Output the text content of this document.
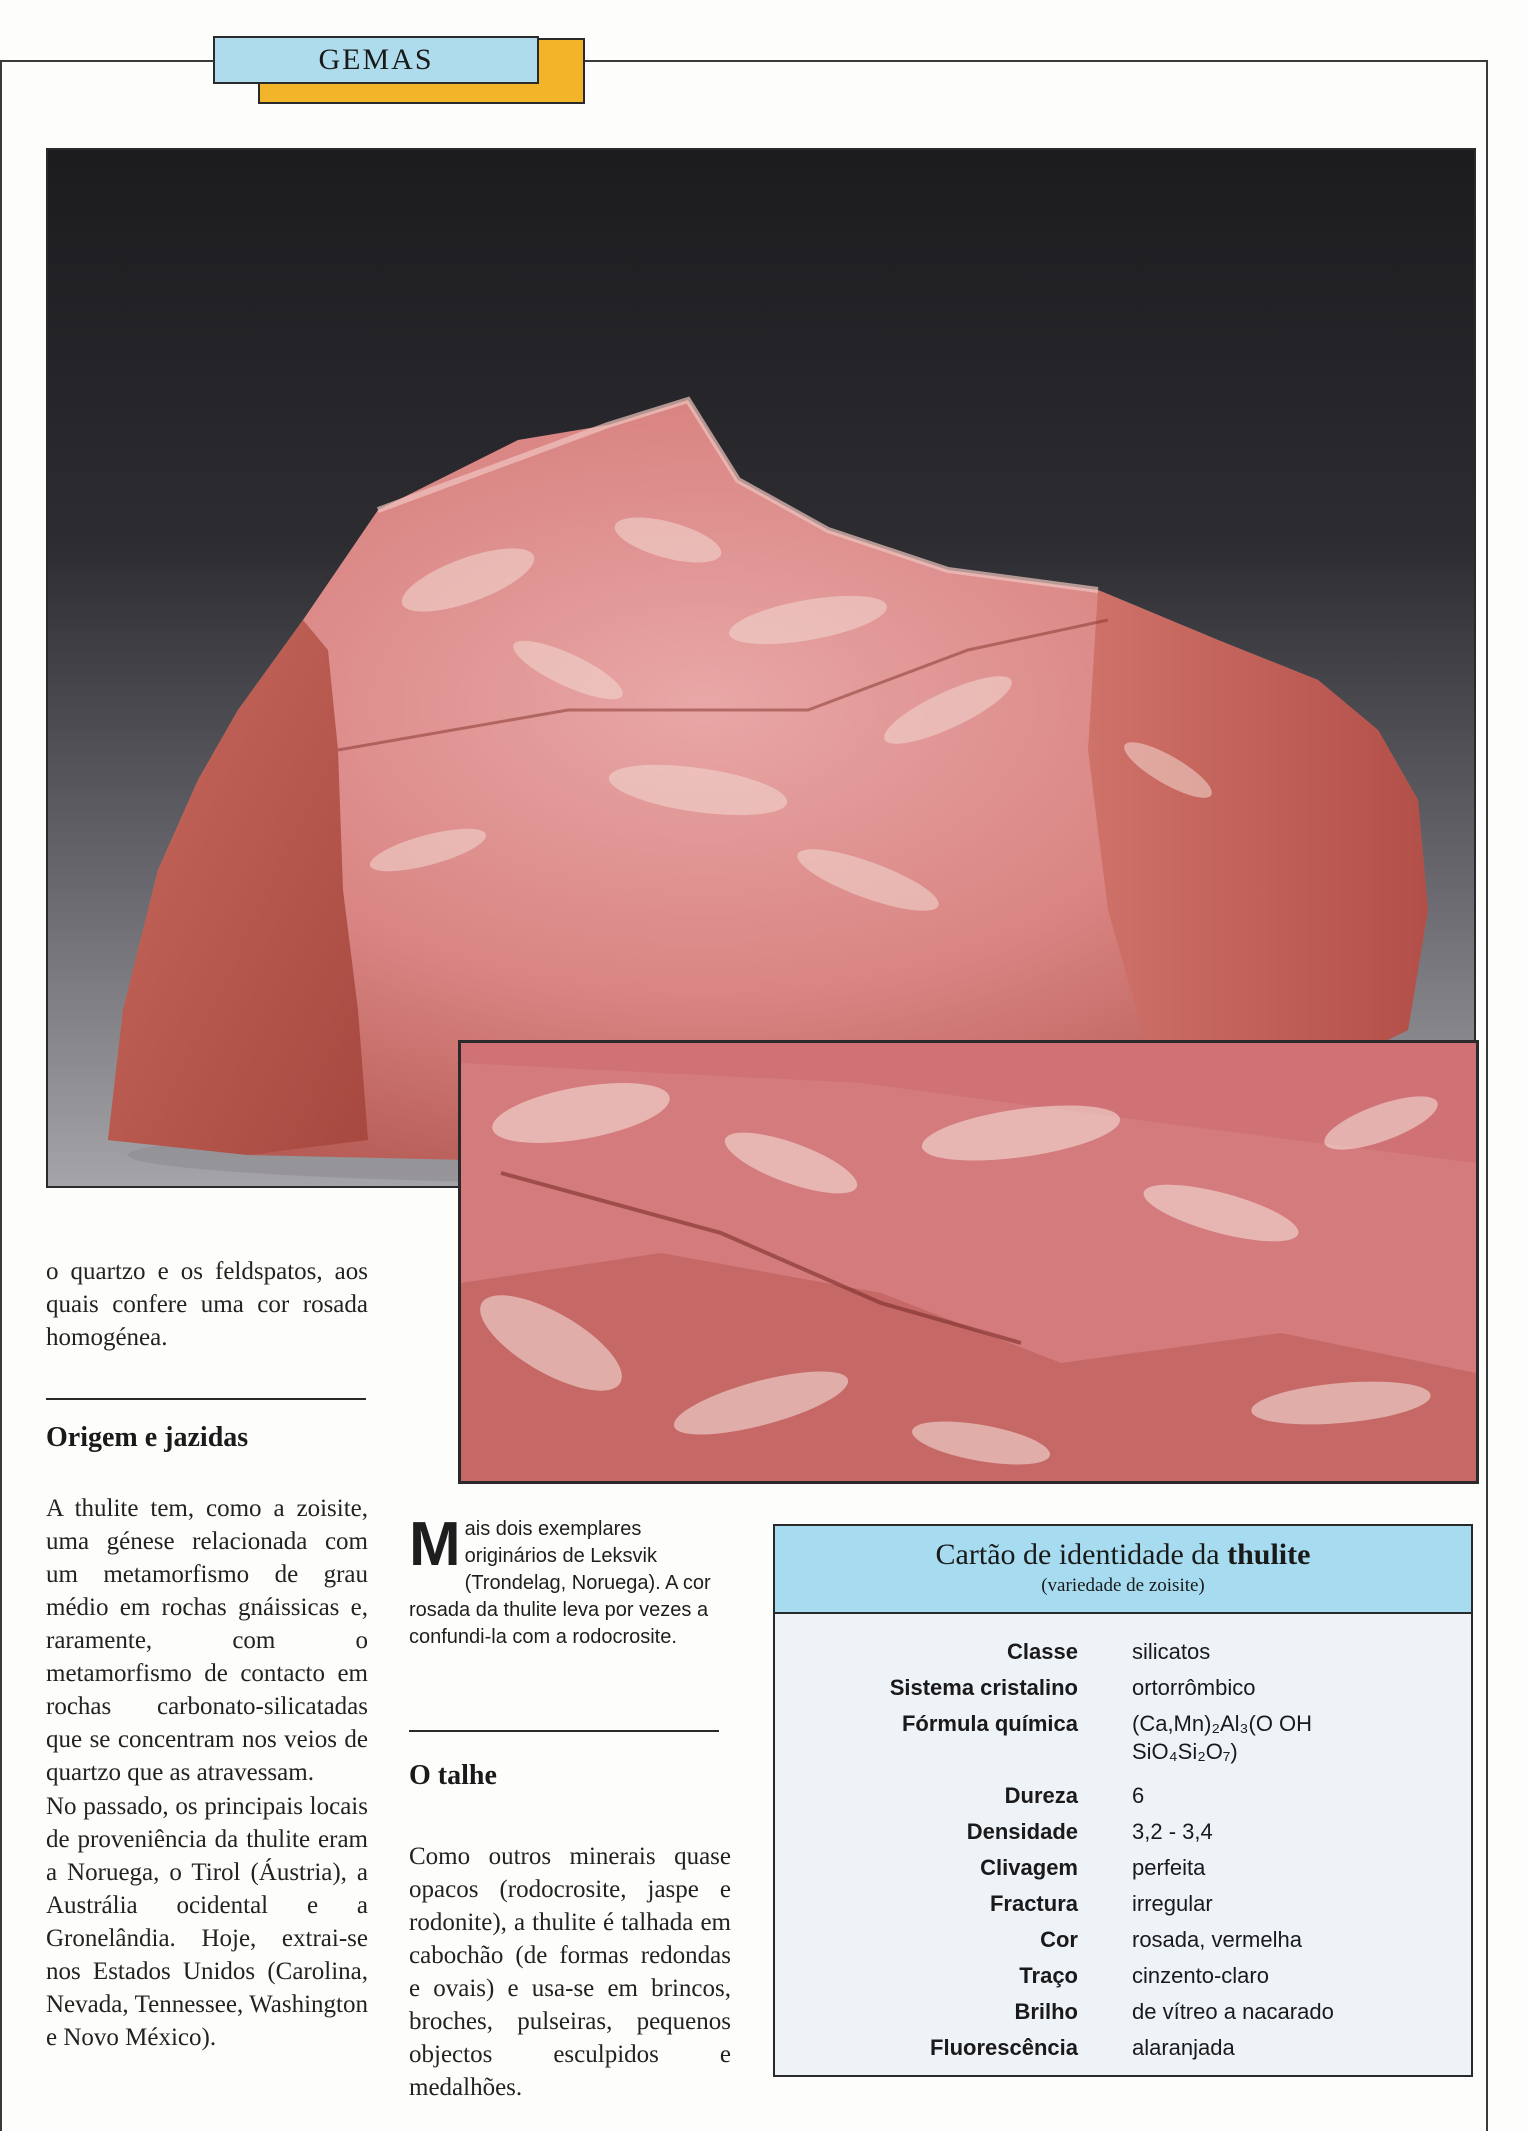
GEMAS

o quartzo e os feldspatos, aos quais confere uma cor rosada homogénea.

Origem e jazidas

A thulite tem, como a zoisite, uma génese relacionada com um metamorfismo de grau médio em rochas gnáissicas e, raramente, com o metamorfismo de contacto em rochas carbonato-silicatadas que se concentram nos veios de quartzo que as atravessam.

No passado, os principais locais de proveniência da thulite eram a Noruega, o Tirol (Áustria), a Austrália ocidental e a Gronelândia. Hoje, extrai-se nos Estados Unidos (Carolina, Nevada, Tennessee, Washington e Novo México).

Mais dois exemplares originários de Leksvik (Trondelag, Noruega). A cor rosada da thulite leva por vezes a confundi-la com a rodocrosite.
O talhe

Como outros minerais quase opacos (rodocrosite, jaspe e rodonite), a thulite é talhada em cabochão (de formas redondas e ovais) e usa-se em brincos, broches, pulseiras, pequenos objectos esculpidos e medalhões.

Cartão de identidade da thulite
(variedade de zoisite)
Classe silicatos
Sistema cristalino ortorrômbico
Fórmula química (Ca,Mn)₂Al₃(O OH SiO₄Si₂O₇)
Dureza 6
Densidade 3,2 - 3,4
Clivagem perfeita
Fractura irregular
Cor rosada, vermelha
Traço cinzento-claro
Brilho de vítreo a nacarado
Fluorescência alaranjada
